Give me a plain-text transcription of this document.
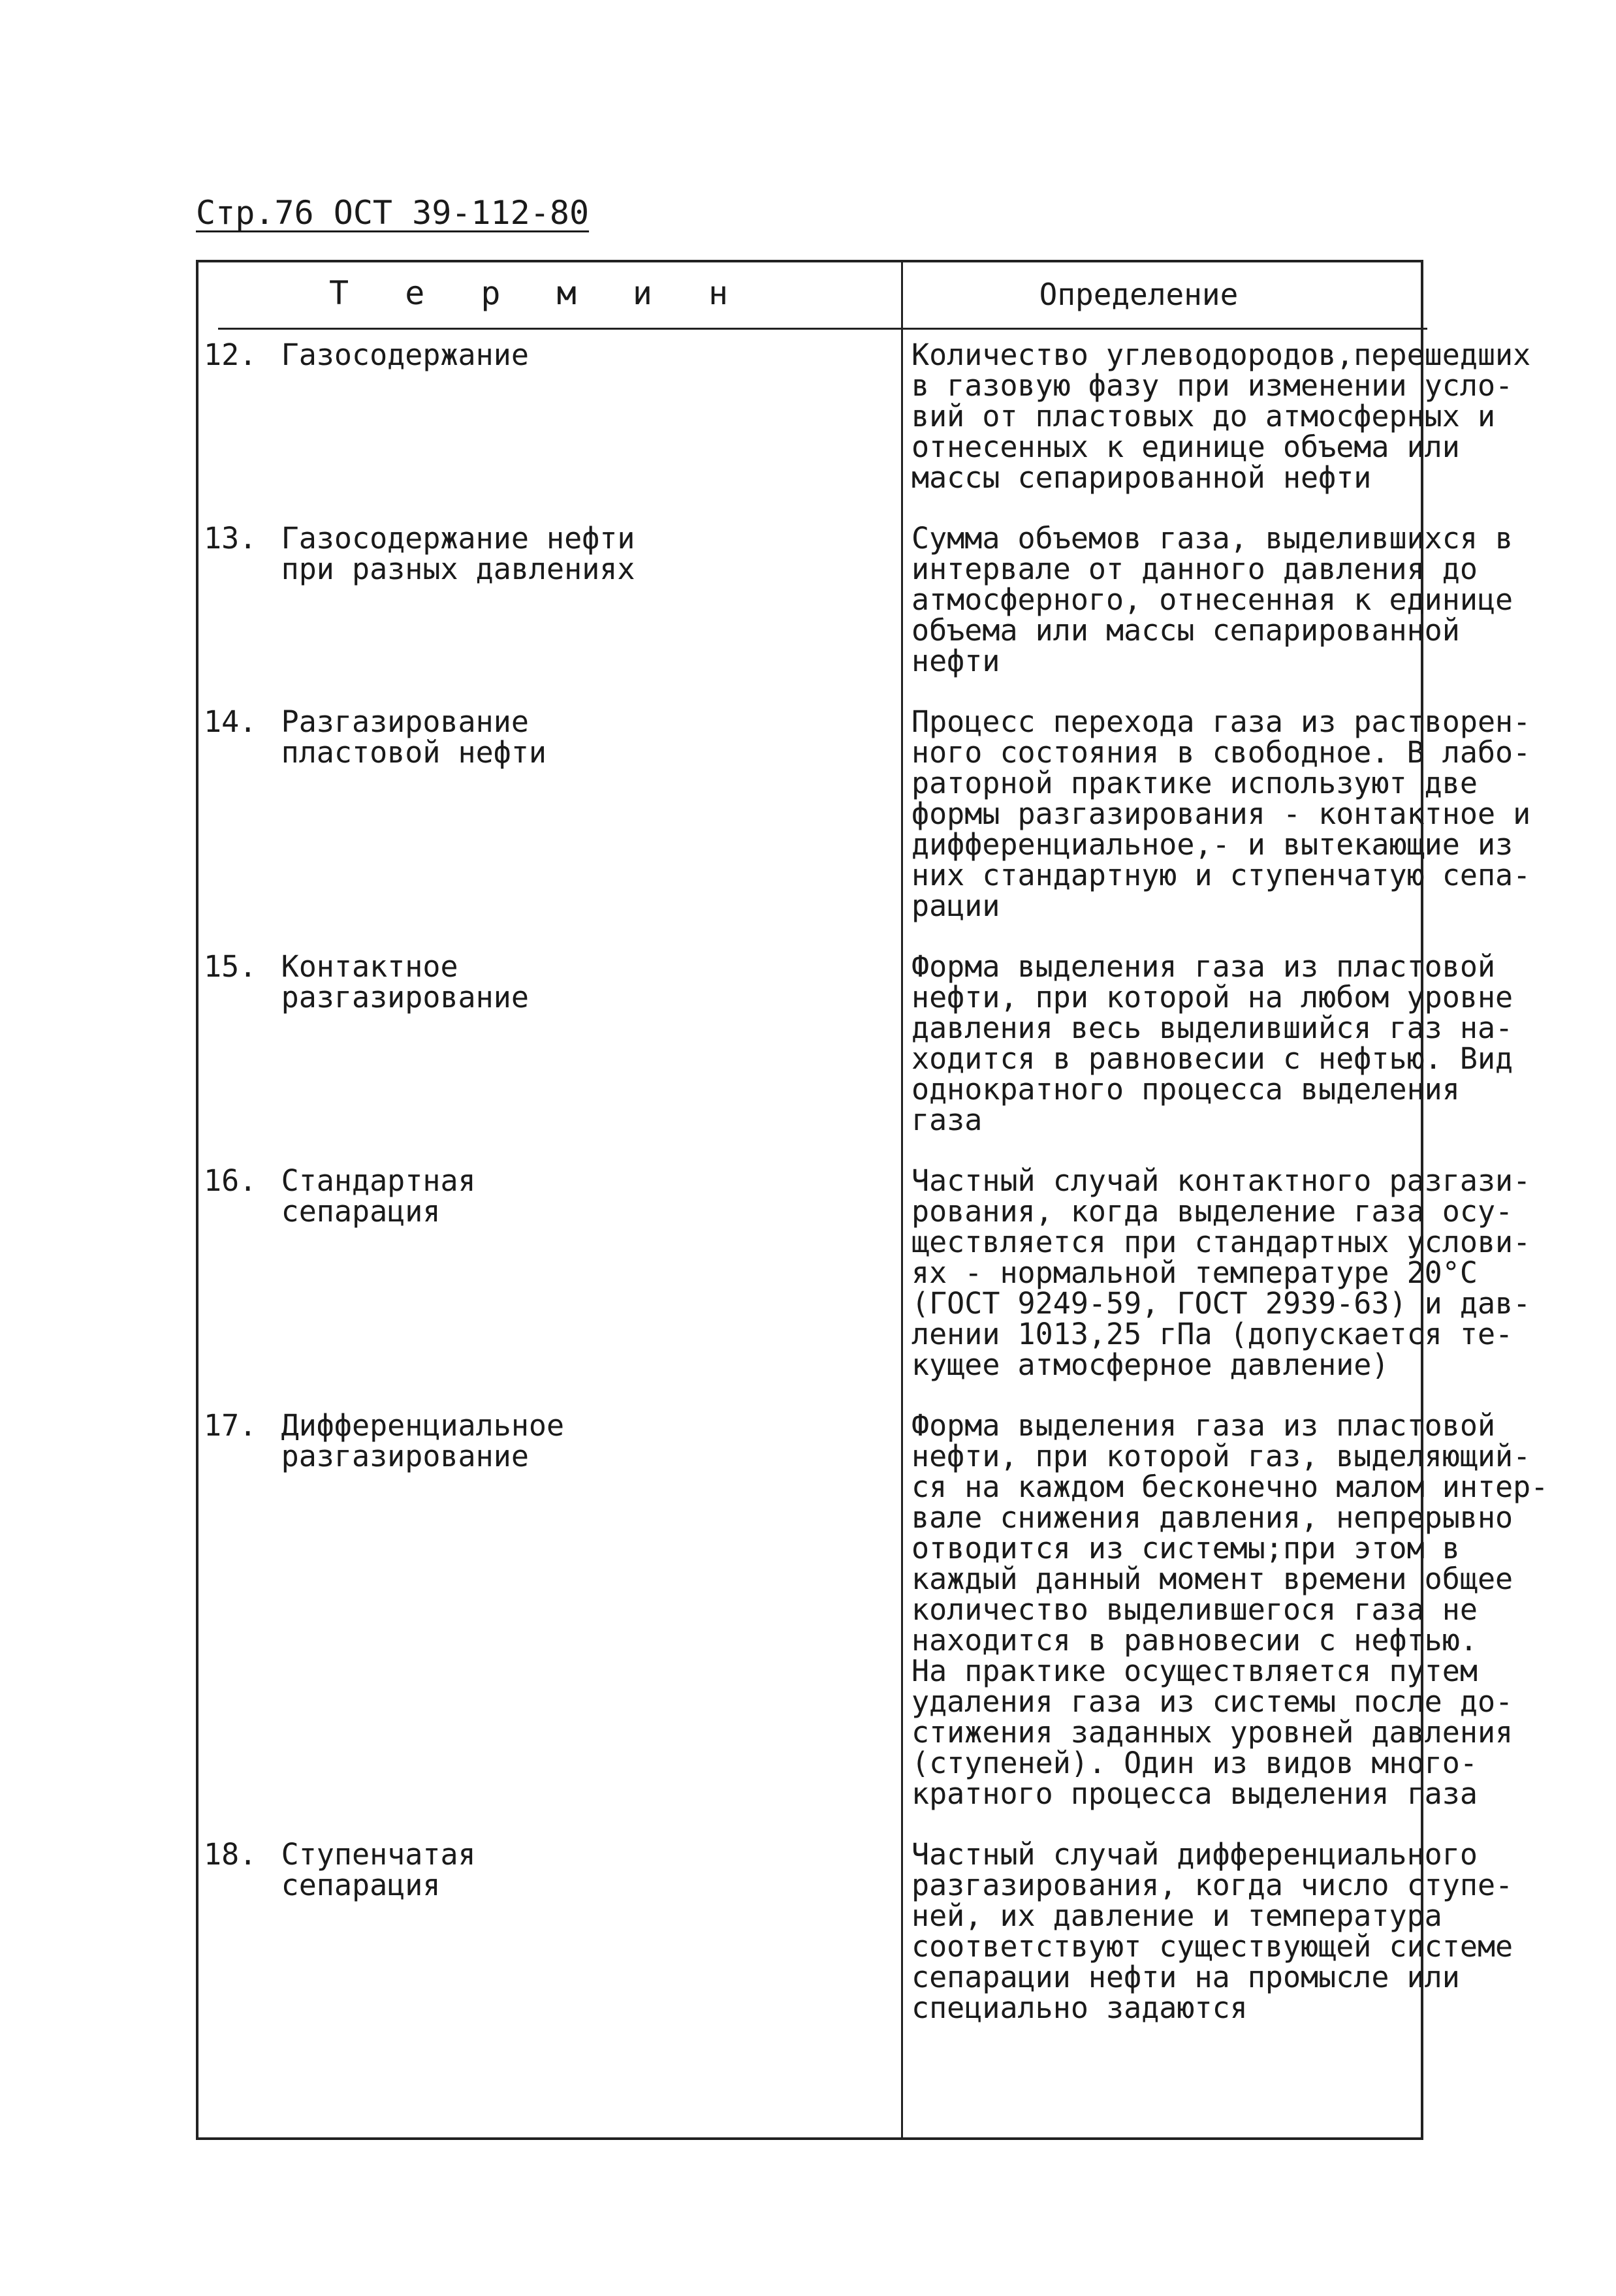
Стр.76 ОСТ 39-112-80
Т е р м и н	Определение
12. Газосодержание	Количество углеводородов,перешедших
в газовую фазу при изменении усло-
вий от пластовых до атмосферных и
отнесенных к единице объема или
массы сепарированной нефти
13. Газосодержание нефти
при разных давлениях
Сумма объемов газа, выделившихся в
интервале от данного давления до
атмосферного, отнесенная к единице
объема или массы сепарированной
нефти
14. Разгазирование
пластовой нефти
Процесс перехода газа из растворен-
ного состояния в свободное. В лабо-
раторной практике используют две
формы разгазирования - контактное и
дифференциальное,- и вытекающие из
них стандартную и ступенчатую сепа-
рации
15. Контактное
разгазирование
Форма выделения газа из пластовой
нефти, при которой на любом уровне
давления весь выделившийся газ на-
ходится в равновесии с нефтью. Вид
однократного процесса выделения
газа
16. Стандартная
сепарация
Частный случай контактного разгази-
рования, когда выделение газа осу-
ществляется при стандартных услови-
ях - нормальной температуре 20°С
(ГОСТ 9249-59, ГОСТ 2939-63) и дав-
лении 1013,25 гПа (допускается те-
кущее атмосферное давление)
17. Дифференциальное
разгазирование
Форма выделения газа из пластовой
нефти, при которой газ, выделяющий-
ся на каждом бесконечно малом интер-
вале снижения давления, непрерывно
отводится из системы;при этом в
каждый данный момент времени общее
количество выделившегося газа не
находится в равновесии с нефтью.
На практике осуществляется путем
удаления газа из системы после до-
стижения заданных уровней давления
(ступеней). Один из видов много-
кратного процесса выделения газа
18. Ступенчатая
сепарация
Частный случай дифференциального
разгазирования, когда число ступе-
ней, их давление и температура
соответствуют существующей системе
сепарации нефти на промысле или
специально задаются
